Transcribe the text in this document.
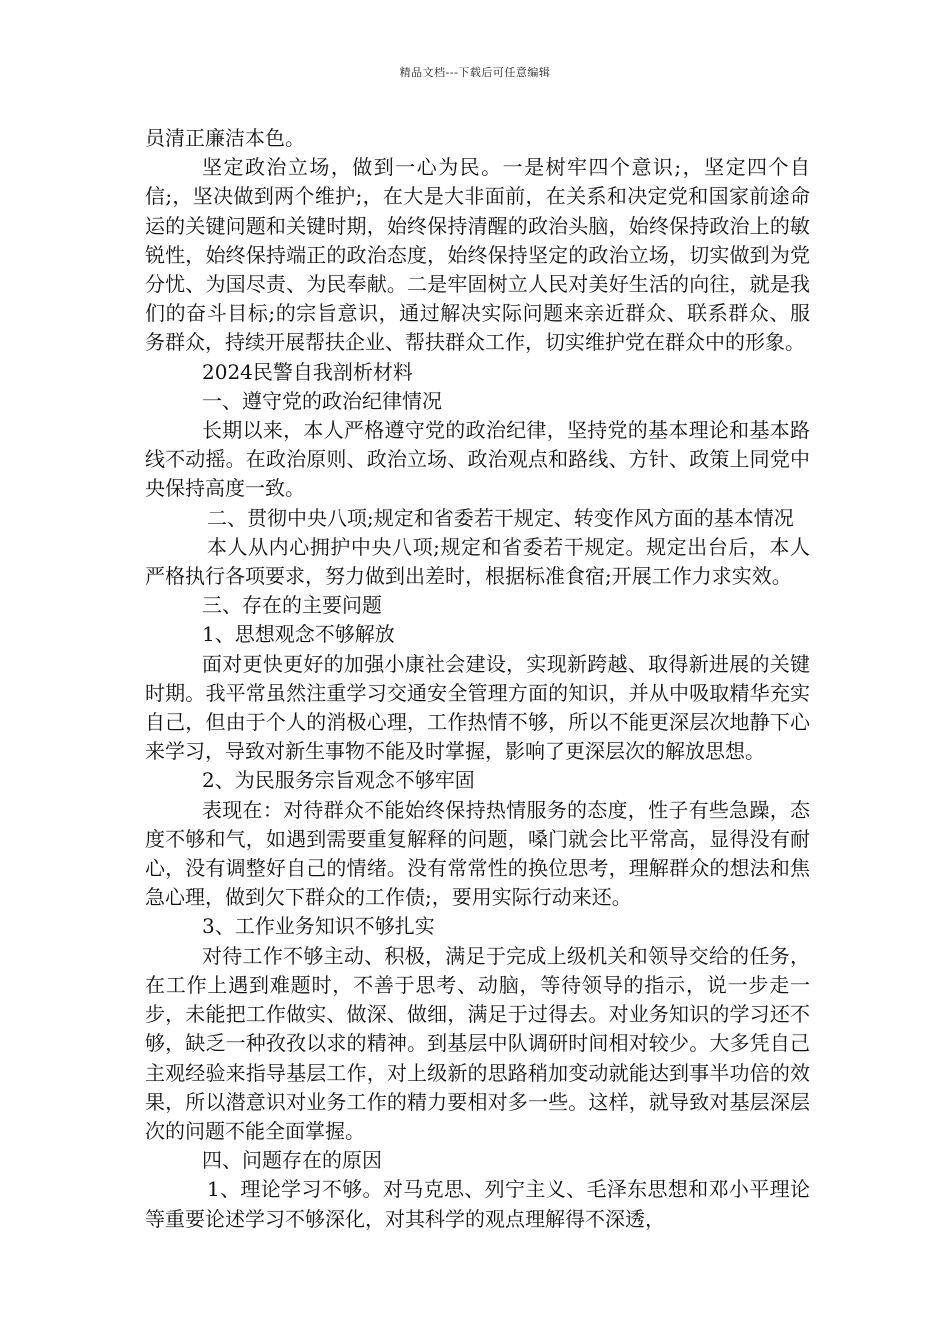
精品文档---下载后可任意编辑

员清正廉洁本色。

坚定政治立场，做到一心为民。一是树牢四个意识;，坚定四个自信;，坚决做到两个维护;，在大是大非面前，在关系和决定党和国家前途命运的关键问题和关键时期，始终保持清醒的政治头脑，始终保持政治上的敏锐性，始终保持端正的政治态度，始终保持坚定的政治立场，切实做到为党分忧、为国尽责、为民奉献。二是牢固树立人民对美好生活的向往，就是我们的奋斗目标;的宗旨意识，通过解决实际问题来亲近群众、联系群众、服务群众，持续开展帮扶企业、帮扶群众工作，切实维护党在群众中的形象。

2024民警自我剖析材料

一、遵守党的政治纪律情况

长期以来，本人严格遵守党的政治纪律，坚持党的基本理论和基本路线不动摇。在政治原则、政治立场、政治观点和路线、方针、政策上同党中央保持高度一致。

二、贯彻中央八项;规定和省委若干规定、转变作风方面的基本情况

本人从内心拥护中央八项;规定和省委若干规定。规定出台后，本人严格执行各项要求，努力做到出差时，根据标准食宿;开展工作力求实效。

三、存在的主要问题

1、思想观念不够解放

面对更快更好的加强小康社会建设，实现新跨越、取得新进展的关键时期。我平常虽然注重学习交通安全管理方面的知识，并从中吸取精华充实自己，但由于个人的消极心理，工作热情不够，所以不能更深层次地静下心来学习，导致对新生事物不能及时掌握，影响了更深层次的解放思想。

2、为民服务宗旨观念不够牢固

表现在：对待群众不能始终保持热情服务的态度，性子有些急躁，态度不够和气，如遇到需要重复解释的问题，嗓门就会比平常高，显得没有耐心，没有调整好自己的情绪。没有常常性的换位思考，理解群众的想法和焦急心理，做到欠下群众的工作债;，要用实际行动来还。

3、工作业务知识不够扎实

对待工作不够主动、积极，满足于完成上级机关和领导交给的任务，在工作上遇到难题时，不善于思考、动脑，等待领导的指示，说一步走一步，未能把工作做实、做深、做细，满足于过得去。对业务知识的学习还不够，缺乏一种孜孜以求的精神。到基层中队调研时间相对较少。大多凭自己主观经验来指导基层工作，对上级新的思路稍加变动就能达到事半功倍的效果，所以潜意识对业务工作的精力要相对多一些。这样，就导致对基层深层次的问题不能全面掌握。

四、问题存在的原因

1、理论学习不够。对马克思、列宁主义、毛泽东思想和邓小平理论等重要论述学习不够深化，对其科学的观点理解得不深透，
